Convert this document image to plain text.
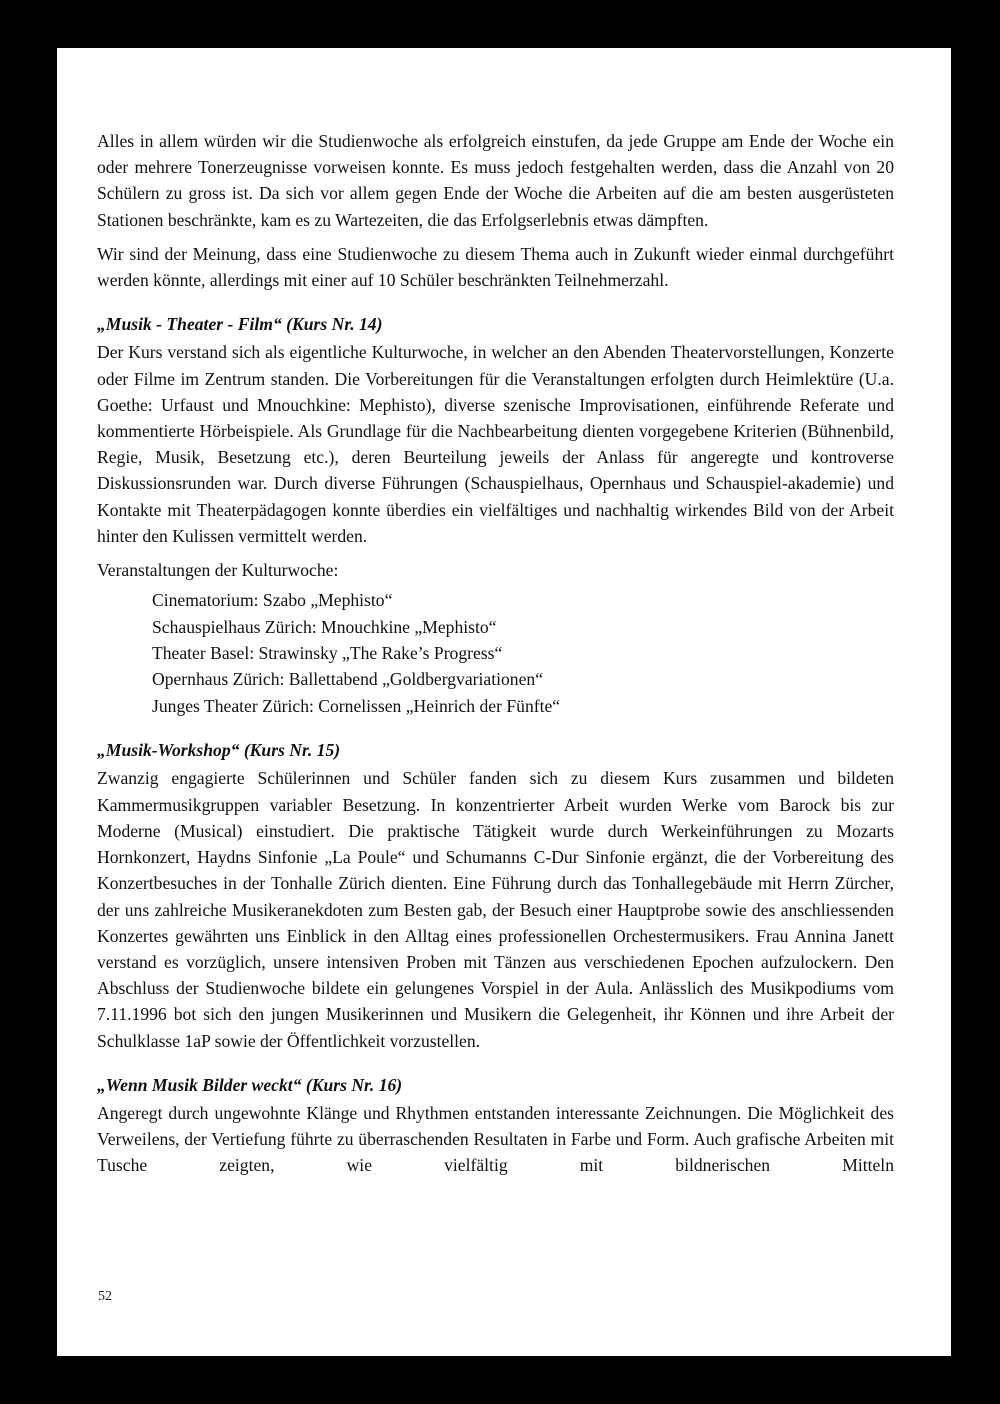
Alles in allem würden wir die Studienwoche als erfolgreich einstufen, da jede Gruppe am Ende der Woche ein oder mehrere Tonerzeugnisse vorweisen konnte. Es muss jedoch festgehalten werden, dass die Anzahl von 20 Schülern zu gross ist. Da sich vor allem gegen Ende der Woche die Arbeiten auf die am besten ausgerüsteten Stationen beschränkte, kam es zu Wartezeiten, die das Erfolgserlebnis etwas dämpften.

Wir sind der Meinung, dass eine Studienwoche zu diesem Thema auch in Zukunft wieder einmal durchgeführt werden könnte, allerdings mit einer auf 10 Schüler beschränkten Teilnehmerzahl.

„Musik - Theater - Film“ (Kurs Nr. 14)

Der Kurs verstand sich als eigentliche Kulturwoche, in welcher an den Abenden Theatervorstellungen, Konzerte oder Filme im Zentrum standen. Die Vorbereitungen für die Veranstaltungen erfolgten durch Heimlektüre (U.a. Goethe: Urfaust und Mnouchkine: Mephisto), diverse szenische Improvisationen, einführende Referate und kommentierte Hörbeispiele. Als Grundlage für die Nachbearbeitung dienten vorgegebene Kriterien (Bühnenbild, Regie, Musik, Besetzung etc.), deren Beurteilung jeweils der Anlass für angeregte und kontroverse Diskussionsrunden war. Durch diverse Führungen (Schauspielhaus, Opernhaus und Schauspiel-akademie) und Kontakte mit Theaterpädagogen konnte überdies ein vielfältiges und nachhaltig wirkendes Bild von der Arbeit hinter den Kulissen vermittelt werden.

Veranstaltungen der Kulturwoche:

Cinematorium: Szabo „Mephisto“
Schauspielhaus Zürich: Mnouchkine „Mephisto“
Theater Basel: Strawinsky „The Rake’s Progress“
Opernhaus Zürich: Ballettabend „Goldbergvariationen“
Junges Theater Zürich: Cornelissen „Heinrich der Fünfte“
„Musik-Workshop“ (Kurs Nr. 15)

Zwanzig engagierte Schülerinnen und Schüler fanden sich zu diesem Kurs zusammen und bildeten Kammermusikgruppen variabler Besetzung. In konzentrierter Arbeit wurden Werke vom Barock bis zur Moderne (Musical) einstudiert. Die praktische Tätigkeit wurde durch Werkeinführungen zu Mozarts Hornkonzert, Haydns Sinfonie „La Poule“ und Schumanns C-Dur Sinfonie ergänzt, die der Vorbereitung des Konzertbesuches in der Tonhalle Zürich dienten. Eine Führung durch das Tonhallegebäude mit Herrn Zürcher, der uns zahlreiche Musikeranekdoten zum Besten gab, der Besuch einer Hauptprobe sowie des anschliessenden Konzertes gewährten uns Einblick in den Alltag eines professionellen Orchestermusikers. Frau Annina Janett verstand es vorzüglich, unsere intensiven Proben mit Tänzen aus verschiedenen Epochen aufzulockern. Den Abschluss der Studienwoche bildete ein gelungenes Vorspiel in der Aula. Anlässlich des Musikpodiums vom 7.11.1996 bot sich den jungen Musikerinnen und Musikern die Gelegenheit, ihr Können und ihre Arbeit der Schulklasse 1aP sowie der Öffentlichkeit vorzustellen.

„Wenn Musik Bilder weckt“ (Kurs Nr. 16)

Angeregt durch ungewohnte Klänge und Rhythmen entstanden interessante Zeichnungen. Die Möglichkeit des Verweilens, der Vertiefung führte zu überraschenden Resultaten in Farbe und Form. Auch grafische Arbeiten mit Tusche zeigten, wie vielfältig mit bildnerischen Mitteln

52
